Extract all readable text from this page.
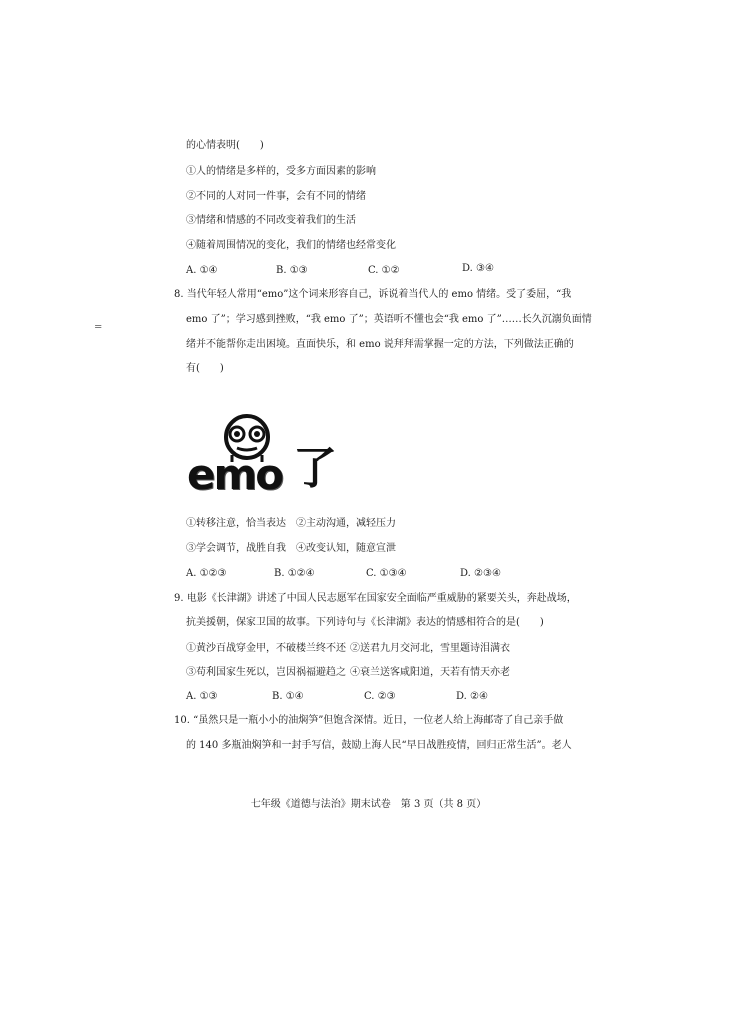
的心情表明(　　)
①人的情绪是多样的，受多方面因素的影响
②不同的人对同一件事，会有不同的情绪
③情绪和情感的不同改变着我们的生活
④随着周围情况的变化，我们的情绪也经常变化
A. ①④	B. ①③	C. ①②	D. ③④
=
8. 当代年轻人常用“emo”这个词来形容自己，诉说着当代人的 emo 情绪。受了委屈，“我
emo 了”；学习感到挫败，“我 emo 了”；英语听不懂也会“我 emo 了”……长久沉溺负面情
绪并不能帮你走出困境。直面快乐，和 emo 说拜拜需掌握一定的方法，下列做法正确的
有(　　)
emo 了
①转移注意，恰当表达 ②主动沟通，减轻压力
③学会调节，战胜自我 ④改变认知，随意宣泄
A. ①②③	B. ①②④	C. ①③④	D. ②③④
9. 电影《长津湖》讲述了中国人民志愿军在国家安全面临严重威胁的紧要关头，奔赴战场，
抗美援朝，保家卫国的故事。下列诗句与《长津湖》表达的情感相符合的是(　　)
①黄沙百战穿金甲，不破楼兰终不还 ②送君九月交河北，雪里题诗泪满衣
③苟利国家生死以，岂因祸福避趋之 ④衰兰送客咸阳道，天若有情天亦老
A. ①③	B. ①④	C. ②③	D. ②④
10. “虽然只是一瓶小小的油焖笋”但饱含深情。近日，一位老人给上海邮寄了自己亲手做
的 140 多瓶油焖笋和一封手写信，鼓励上海人民“早日战胜疫情，回归正常生活”。老人
七年级《道德与法治》期末试卷　第 3 页（共 8 页）
